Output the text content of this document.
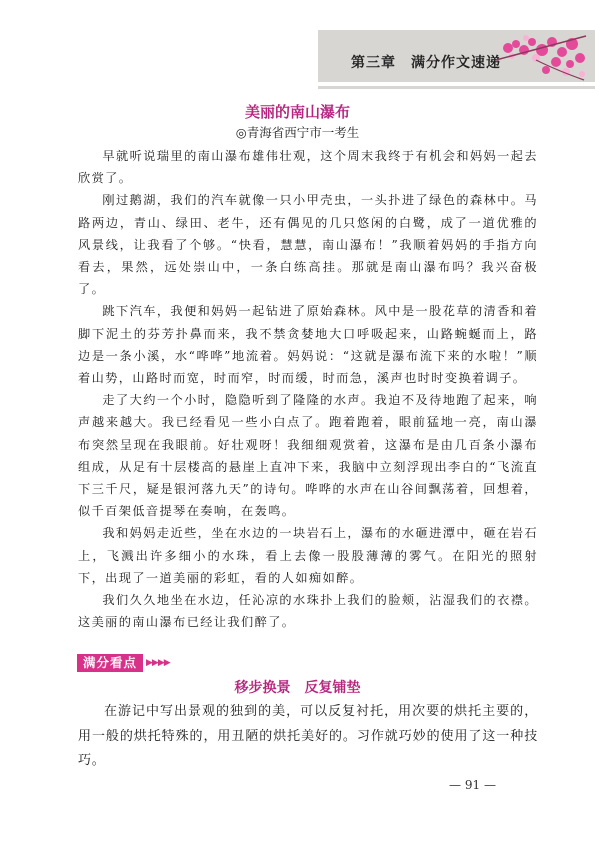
第三章　满分作文速递
美丽的南山瀑布
◎青海省西宁市一考生

早就听说瑞里的南山瀑布雄伟壮观，这个周末我终于有机会和妈妈一起去欣赏了。

刚过鹅湖，我们的汽车就像一只小甲壳虫，一头扑进了绿色的森林中。马路两边，青山、绿田、老牛，还有偶见的几只悠闲的白鹭，成了一道优雅的风景线，让我看了个够。“快看，慧慧，南山瀑布！”我顺着妈妈的手指方向看去，果然，远处崇山中，一条白练高挂。那就是南山瀑布吗？我兴奋极了。

跳下汽车，我便和妈妈一起钻进了原始森林。风中是一股花草的清香和着脚下泥土的芬芳扑鼻而来，我不禁贪婪地大口呼吸起来，山路蜿蜒而上，路边是一条小溪，水“哗哗”地流着。妈妈说：“这就是瀑布流下来的水啦！”顺着山势，山路时而宽，时而窄，时而缓，时而急，溪声也时时变换着调子。

走了大约一个小时，隐隐听到了隆隆的水声。我迫不及待地跑了起来，响声越来越大。我已经看见一些小白点了。跑着跑着，眼前猛地一亮，南山瀑布突然呈现在我眼前。好壮观呀！我细细观赏着，这瀑布是由几百条小瀑布组成，从足有十层楼高的悬崖上直冲下来，我脑中立刻浮现出李白的“飞流直下三千尺，疑是银河落九天”的诗句。哗哗的水声在山谷间飘荡着，回想着，似千百架低音提琴在奏响，在轰鸣。

我和妈妈走近些，坐在水边的一块岩石上，瀑布的水砸进潭中，砸在岩石上，飞溅出许多细小的水珠，看上去像一股股薄薄的雾气。在阳光的照射下，出现了一道美丽的彩虹，看的人如痴如醉。

我们久久地坐在水边，任沁凉的水珠扑上我们的脸颊，沾湿我们的衣襟。这美丽的南山瀑布已经让我们醉了。

满分看点	▶▶▶▶
移步换景　反复铺垫

在游记中写出景观的独到的美，可以反复衬托，用次要的烘托主要的，用一般的烘托特殊的，用丑陋的烘托美好的。习作就巧妙的使用了这一种技巧。

— 91 —
